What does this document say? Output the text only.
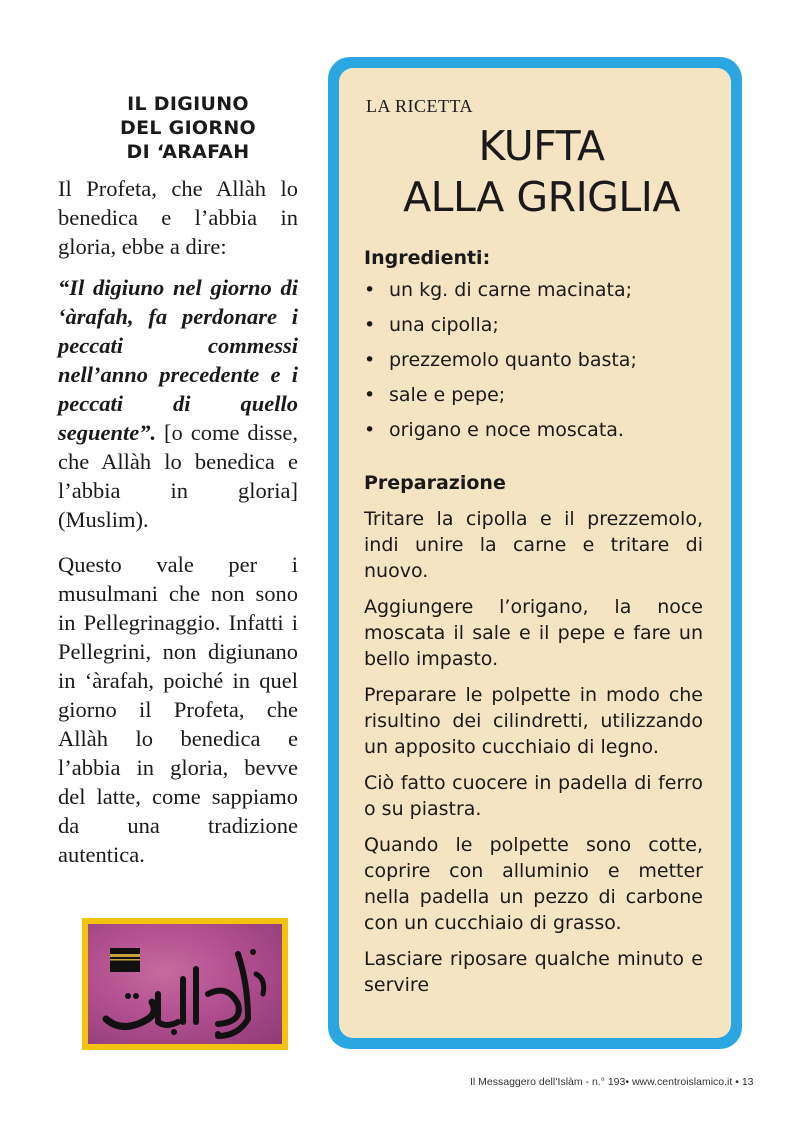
IL DIGIUNO
DEL GIORNO
DI ‘ARAFAH
Il Profeta, che Allàh lo benedica e l’abbia in gloria, ebbe a dire:
“Il digiuno nel giorno di ‘àrafah, fa perdonare i peccati commessi nell’anno precedente e i peccati di quello seguente”. [o come disse, che Allàh lo benedica e l’abbia in gloria] (Muslim).
Questo vale per i musulmani che non sono in Pellegrinaggio. Infatti i Pellegrini, non digiunano in ‘àrafah, poiché in quel giorno il Profeta, che Allàh lo benedica e l’abbia in gloria, bevve del latte, come sappiamo da una tradizione autentica.
LA RICETTA
KUFTA
ALLA GRIGLIA
Ingredienti:
• un kg. di carne macinata;
• una cipolla;
• prezzemolo quanto basta;
• sale e pepe;
• origano e noce moscata.
Preparazione
Tritare la cipolla e il prezzemolo, indi unire la carne e tritare di nuovo.
Aggiungere l’origano, la noce moscata il sale e il pepe e fare un bello impasto.
Preparare le polpette in modo che risultino dei cilindretti, utilizzando un apposito cucchiaio di legno.
Ciò fatto cuocere in padella di ferro o su piastra.
Quando le polpette sono cotte, coprire con alluminio e metter nella padella un pezzo di carbone con un cucchiaio di grasso.
Lasciare riposare qualche minuto e servire
Il Messaggero dell’Islàm - n.° 193• www.centroislamico.it • 13
